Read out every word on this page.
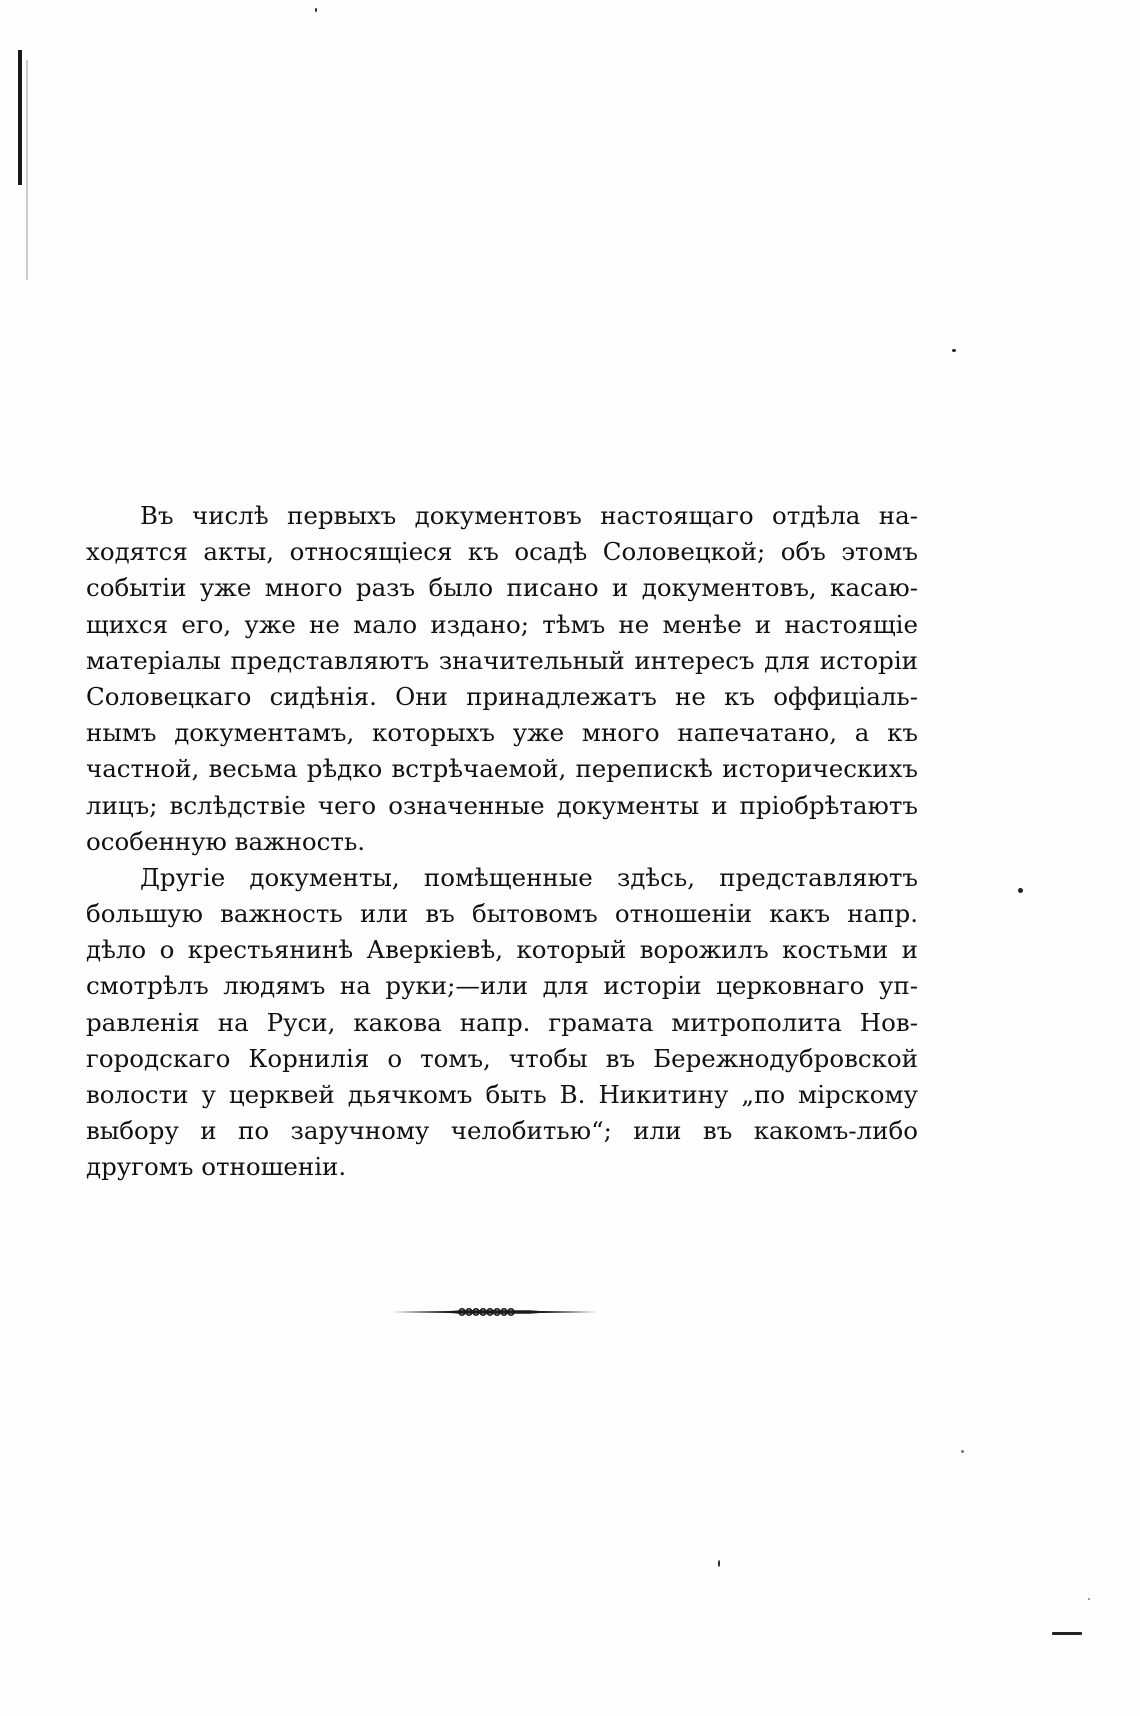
Въ числѣ первыхъ документовъ настоящаго отдѣла на-
ходятся акты, относящіеся къ осадѣ Соловецкой; объ этомъ
событіи уже много разъ было писано и документовъ, касаю-
щихся его, уже не мало издано; тѣмъ не менѣе и настоящіе
матеріалы представляютъ значительный интересъ для исторіи
Соловецкаго сидѣнія. Они принадлежатъ не къ оффиціаль-
нымъ документамъ, которыхъ уже много напечатано, а къ
частной, весьма рѣдко встрѣчаемой, перепискѣ историческихъ
лицъ; вслѣдствіе чего означенные документы и пріобрѣтаютъ
особенную важность.
Другіе документы, помѣщенные здѣсь, представляютъ
большую важность или въ бытовомъ отношеніи какъ напр.
дѣло о крестьянинѣ Аверкіевѣ, который ворожилъ костьми и
смотрѣлъ людямъ на руки;—или для исторіи церковнаго уп-
равленія на Руси, какова напр. грамата митрополита Нов-
городскаго Корнилія о томъ, чтобы въ Бережнодубровской
волости у церквей дьячкомъ быть В. Никитину „по мірскому
выбору и по заручному челобитью“; или въ какомъ-либо
другомъ отношеніи.
